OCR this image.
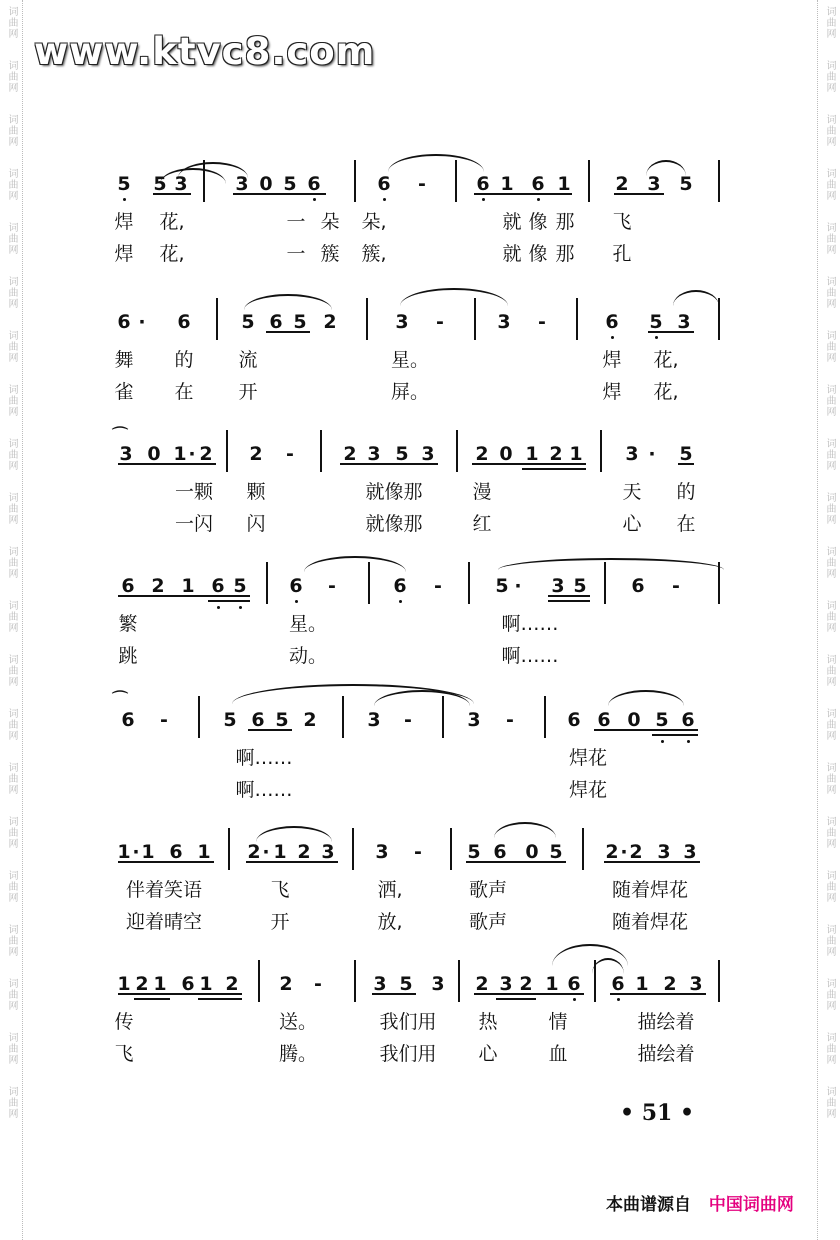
词曲网
词曲网
词曲网
词曲网
词曲网
词曲网
词曲网
词曲网
词曲网
词曲网
词曲网
词曲网
词曲网
词曲网
词曲网
词曲网
词曲网
词曲网
词曲网
词曲网
词曲网
词曲网
词曲网
词曲网
词曲网
词曲网
词曲网
词曲网
词曲网
词曲网
词曲网
词曲网
词曲网
词曲网
词曲网
词曲网
词曲网
词曲网
词曲网
词曲网
词曲网
词曲网
www.ktvc8.com
5 5 3	3 0 5 6	6 -	6 1 6 1 2 3 5
焊 花,	一 朵 朵,	就 像 那 飞
焊 花,	一 簇 簇,	就 像 那 孔
6 · 6	5 6 5 2	3 -	3 -	6 5 3
舞 的 流	星。	焊 花,
雀 在 开	屏。	焊 花,
⌒
3 0 1 · 2 2 -	2 3 5 3 2 0 1 2 1 3 · 5
一颗 颗	就像那	漫	天 的
一闪 闪	就像那	红	心 在
6 2 1 6 5 6 -	6 -	5 · 3 5 6 -
繁	星。	啊……
跳	动。	啊……
⌒
6 -	5 6 5 2	3 -	3 -	6 6 0 5 6
啊……	焊花
啊……	焊花
1 · 1 6 1 2 · 1 2 3 3 - 5 6 0 5 2 · 2 3 3
伴着笑语	飞	洒,	歌声	随着焊花
迎着晴空	开	放,	歌声	随着焊花
1 2 1 6 1 2 2 -	3 5 3 2 3 2 1 6 6 1 2 3
传	送。	我们用 热	情	描绘着
飞	腾。	我们用 心	血	描绘着
• 51 •
本曲谱源自 中国词曲网
